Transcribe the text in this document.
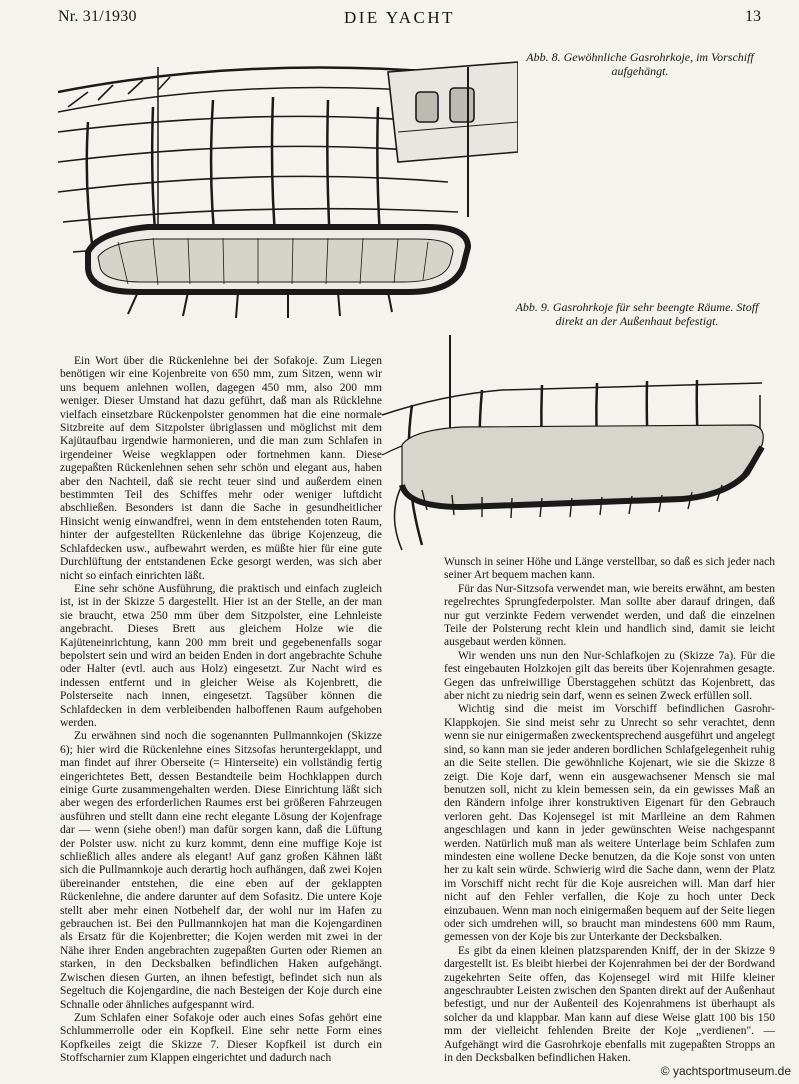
Nr. 31/1930	DIE YACHT	13
Abb. 8. Gewöhnliche Gasrohrkoje, im Vorschiff aufgehängt.
Abb. 9. Gasrohrkoje für sehr beengte Räume. Stoff direkt an der Außenhaut befestigt.

Ein Wort über die Rückenlehne bei der Sofakoje. Zum Liegen benötigen wir eine Kojenbreite von 650 mm, zum Sitzen, wenn wir uns bequem anlehnen wollen, dagegen 450 mm, also 200 mm weniger. Dieser Umstand hat dazu geführt, daß man als Rücklehne vielfach einsetzbare Rückenpolster genommen hat die eine normale Sitzbreite auf dem Sitzpolster übriglassen und möglichst mit dem Kajütaufbau irgendwie harmonieren, und die man zum Schlafen in irgendeiner Weise wegklappen oder fortnehmen kann. Diese zugepaßten Rückenlehnen sehen sehr schön und elegant aus, haben aber den Nachteil, daß sie recht teuer sind und außerdem einen bestimmten Teil des Schiffes mehr oder weniger luftdicht abschließen. Besonders ist dann die Sache in gesundheitlicher Hinsicht wenig einwandfrei, wenn in dem entstehenden toten Raum, hinter der aufgestellten Rückenlehne das übrige Kojenzeug, die Schlafdecken usw., aufbewahrt werden, es müßte hier für eine gute Durchlüftung der entstandenen Ecke gesorgt werden, was sich aber nicht so einfach einrichten läßt.

Eine sehr schöne Ausführung, die praktisch und einfach zugleich ist, ist in der Skizze 5 dargestellt. Hier ist an der Stelle, an der man sie braucht, etwa 250 mm über dem Sitzpolster, eine Lehnleiste angebracht. Dieses Brett aus gleichem Holze wie die Kajüteneinrichtung, kann 200 mm breit und gegebenenfalls sogar bepolstert sein und wird an beiden Enden in dort angebrachte Schuhe oder Halter (evtl. auch aus Holz) eingesetzt. Zur Nacht wird es indessen entfernt und in gleicher Weise als Kojenbrett, die Polsterseite nach innen, eingesetzt. Tagsüber können die Schlafdecken in dem verbleibenden halboffenen Raum aufgehoben werden.

Zu erwähnen sind noch die sogenannten Pullmannkojen (Skizze 6); hier wird die Rückenlehne eines Sitzsofas heruntergeklappt, und man findet auf ihrer Oberseite (= Hinterseite) ein vollständig fertig eingerichtetes Bett, dessen Bestandteile beim Hochklappen durch einige Gurte zusammengehalten werden. Diese Einrichtung läßt sich aber wegen des erforderlichen Raumes erst bei größeren Fahrzeugen ausführen und stellt dann eine recht elegante Lösung der Kojenfrage dar — wenn (siehe oben!) man dafür sorgen kann, daß die Lüftung der Polster usw. nicht zu kurz kommt, denn eine muffige Koje ist schließlich alles andere als elegant! Auf ganz großen Kähnen läßt sich die Pullmannkoje auch derartig hoch aufhängen, daß zwei Kojen übereinander entstehen, die eine eben auf der geklappten Rückenlehne, die andere darunter auf dem Sofasitz. Die untere Koje stellt aber mehr einen Notbehelf dar, der wohl nur im Hafen zu gebrauchen ist. Bei den Pullmannkojen hat man die Kojengardinen als Ersatz für die Kojenbretter; die Kojen werden mit zwei in der Nähe ihrer Enden angebrachten zugepaßten Gurten oder Riemen an starken, in den Decksbalken befindlichen Haken aufgehängt. Zwischen diesen Gurten, an ihnen befestigt, befindet sich nun als Segeltuch die Kojengardine, die nach Besteigen der Koje durch eine Schnalle oder ähnliches aufgespannt wird.

Zum Schlafen einer Sofakoje oder auch eines Sofas gehört eine Schlummerrolle oder ein Kopfkeil. Eine sehr nette Form eines Kopfkeiles zeigt die Skizze 7. Dieser Kopfkeil ist durch ein Stoffscharnier zum Klappen eingerichtet und dadurch nach

Wunsch in seiner Höhe und Länge verstellbar, so daß es sich jeder nach seiner Art bequem machen kann.

Für das Nur-Sitzsofa verwendet man, wie bereits erwähnt, am besten regelrechtes Sprungfederpolster. Man sollte aber darauf dringen, daß nur gut verzinkte Federn verwendet werden, und daß die einzelnen Teile der Polsterung recht klein und handlich sind, damit sie leicht ausgebaut werden können.

Wir wenden uns nun den Nur-Schlafkojen zu (Skizze 7a). Für die fest eingebauten Holzkojen gilt das bereits über Kojenrahmen gesagte. Gegen das unfreiwillige Überstaggehen schützt das Kojenbrett, das aber nicht zu niedrig sein darf, wenn es seinen Zweck erfüllen soll.

Wichtig sind die meist im Vorschiff befindlichen Gasrohr-Klappkojen. Sie sind meist sehr zu Unrecht so sehr verachtet, denn wenn sie nur einigermaßen zweckentsprechend ausgeführt und angelegt sind, so kann man sie jeder anderen bordlichen Schlafgelegenheit ruhig an die Seite stellen. Die gewöhnliche Kojenart, wie sie die Skizze 8 zeigt. Die Koje darf, wenn ein ausgewachsener Mensch sie mal benutzen soll, nicht zu klein bemessen sein, da ein gewisses Maß an den Rändern infolge ihrer konstruktiven Eigenart für den Gebrauch verloren geht. Das Kojensegel ist mit Marlleine an dem Rahmen angeschlagen und kann in jeder gewünschten Weise nachgespannt werden. Natürlich muß man als weitere Unterlage beim Schlafen zum mindesten eine wollene Decke benutzen, da die Koje sonst von unten her zu kalt sein würde. Schwierig wird die Sache dann, wenn der Platz im Vorschiff nicht recht für die Koje ausreichen will. Man darf hier nicht auf den Fehler verfallen, die Koje zu hoch unter Deck einzubauen. Wenn man noch einigermaßen bequem auf der Seite liegen oder sich umdrehen will, so braucht man mindestens 600 mm Raum, gemessen von der Koje bis zur Unterkante der Decksbalken.

Es gibt da einen kleinen platzsparenden Kniff, der in der Skizze 9 dargestellt ist. Es bleibt hierbei der Kojenrahmen bei der der Bordwand zugekehrten Seite offen, das Kojensegel wird mit Hilfe kleiner angeschraubter Leisten zwischen den Spanten direkt auf der Außenhaut befestigt, und nur der Außenteil des Kojenrahmens ist überhaupt als solcher da und klappbar. Man kann auf diese Weise glatt 100 bis 150 mm der vielleicht fehlenden Breite der Koje „verdienen". — Aufgehängt wird die Gasrohrkoje ebenfalls mit zugepaßten Stropps an in den Decksbalken befindlichen Haken.

© yachtsportmuseum.de
